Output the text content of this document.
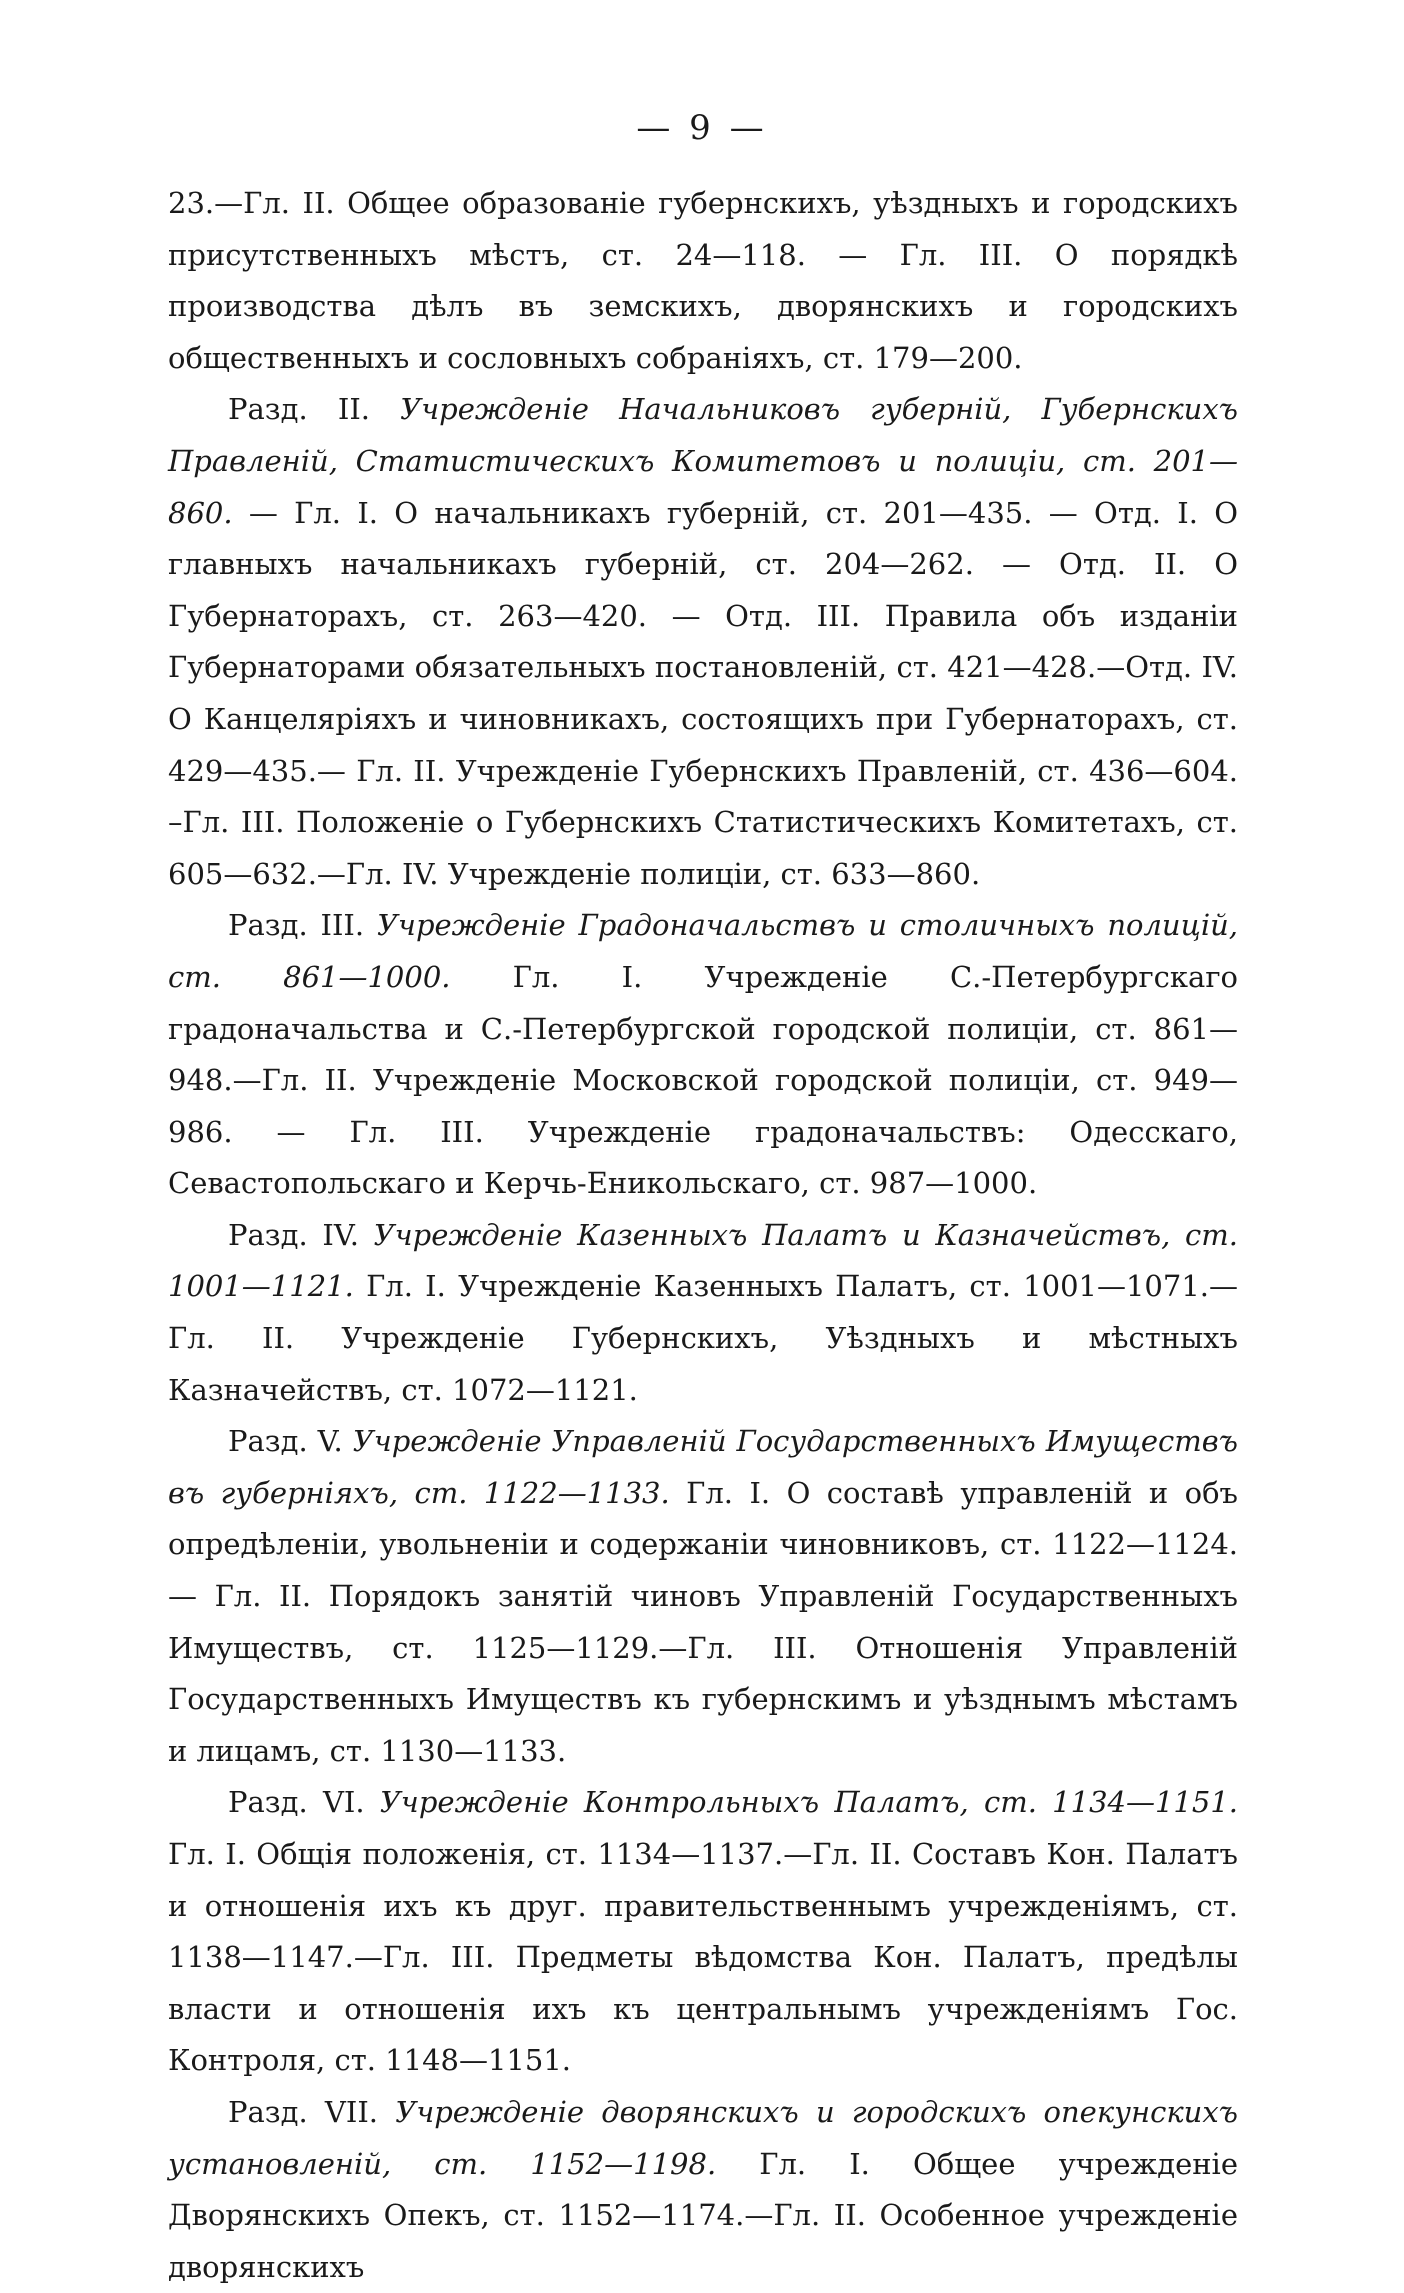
— 9 —

23.—Гл. II. Общее образованіе губернскихъ, уѣздныхъ и городскихъ присутственныхъ мѣстъ, ст. 24—118. — Гл. III. О порядкѣ производства дѣлъ въ земскихъ, дворянскихъ и городскихъ общественныхъ и сословныхъ собраніяхъ, ст. 179—200.

Разд. II. Учрежденіе Начальниковъ губерній, Губернскихъ Правленій, Статистическихъ Комитетовъ и полиціи, ст. 201—860. — Гл. I. О начальникахъ губерній, ст. 201—435. — Отд. I. О главныхъ начальникахъ губерній, ст. 204—262. — Отд. II. О Губернаторахъ, ст. 263—420. — Отд. III. Правила объ изданіи Губернаторами обязательныхъ постановленій, ст. 421—428.—Отд. IV. О Канцеляріяхъ и чиновникахъ, состоящихъ при Губернаторахъ, ст. 429—435.— Гл. II. Учрежденіе Губернскихъ Правленій, ст. 436—604. –Гл. III. Положеніе о Губернскихъ Статистическихъ Комитетахъ, ст. 605—632.—Гл. IV. Учрежденіе полиціи, ст. 633—860.

Разд. III. Учрежденіе Градоначальствъ и столичныхъ полицій, ст. 861—1000. Гл. I. Учрежденіе С.-Петербургскаго градоначальства и С.-Петербургской городской полиціи, ст. 861—948.—Гл. II. Учрежденіе Московской городской полиціи, ст. 949—986. — Гл. III. Учрежденіе градоначальствъ: Одесскаго, Севастопольскаго и Керчь-Еникольскаго, ст. 987—1000.

Разд. IV. Учрежденіе Казенныхъ Палатъ и Казначействъ, ст. 1001—1121. Гл. I. Учрежденіе Казенныхъ Палатъ, ст. 1001—1071.—Гл. II. Учрежденіе Губернскихъ, Уѣздныхъ и мѣстныхъ Казначействъ, ст. 1072—1121.

Разд. V. Учрежденіе Управленій Государственныхъ Имуществъ въ губерніяхъ, ст. 1122—1133. Гл. I. О составѣ управленій и объ опредѣленіи, увольненіи и содержаніи чиновниковъ, ст. 1122—1124.— Гл. II. Порядокъ занятій чиновъ Управленій Государственныхъ Имуществъ, ст. 1125—1129.—Гл. III. Отношенія Управленій Государственныхъ Имуществъ къ губернскимъ и уѣзднымъ мѣстамъ и лицамъ, ст. 1130—1133.

Разд. VI. Учрежденіе Контрольныхъ Палатъ, ст. 1134—1151. Гл. I. Общія положенія, ст. 1134—1137.—Гл. II. Составъ Кон. Палатъ и отношенія ихъ къ друг. правительственнымъ учрежденіямъ, ст. 1138—1147.—Гл. III. Предметы вѣдомства Кон. Палатъ, предѣлы власти и отношенія ихъ къ центральнымъ учрежденіямъ Гос. Контроля, ст. 1148—1151.

Разд. VII. Учрежденіе дворянскихъ и городскихъ опекунскихъ установленій, ст. 1152—1198. Гл. I. Общее учрежденіе Дворянскихъ Опекъ, ст. 1152—1174.—Гл. II. Особенное учрежденіе дворянскихъ
